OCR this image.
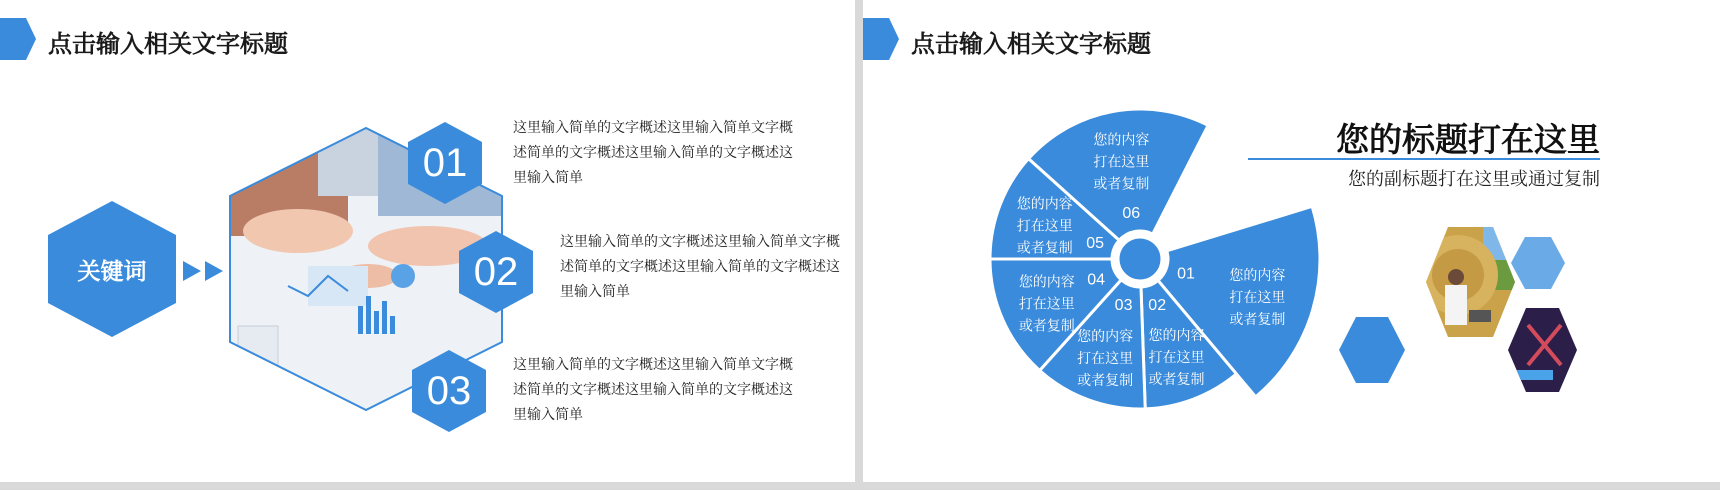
点击输入相关文字标题
关键词
01
02
03
这里输入简单的文字概述这里输入简单文字概述简单的文字概述这里输入简单的文字概述这里输入简单
这里输入简单的文字概述这里输入简单文字概述简单的文字概述这里输入简单的文字概述这里输入简单
这里输入简单的文字概述这里输入简单文字概述简单的文字概述这里输入简单的文字概述这里输入简单
点击输入相关文字标题
01 您的内容
打在这里
或者复制
02
您的内容
打在这里
或者复制
03
您的内容
打在这里
或者复制
04
您的内容
打在这里
或者复制
05
您的内容
打在这里
或者复制
06
您的内容
打在这里
或者复制
您的标题打在这里
您的副标题打在这里或通过复制
